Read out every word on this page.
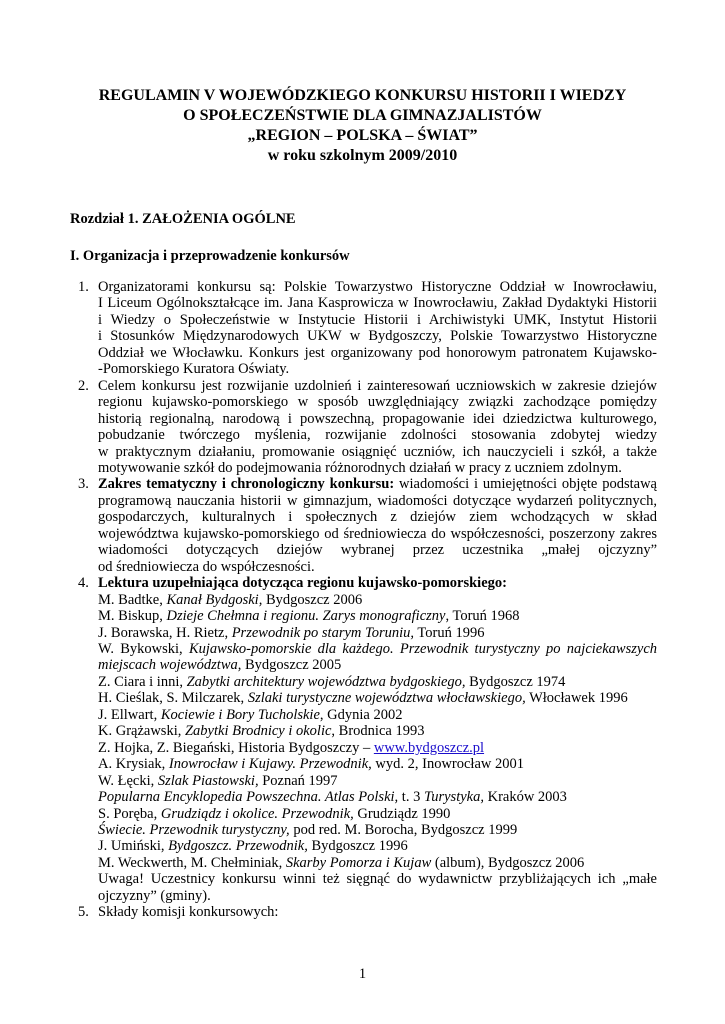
REGULAMIN V WOJEWÓDZKIEGO KONKURSU HISTORII I WIEDZY
O SPOŁECZEŃSTWIE DLA GIMNAZJALISTÓW
„REGION – POLSKA – ŚWIAT”
w roku szkolnym 2009/2010
Rozdział 1. ZAŁOŻENIA OGÓLNE
I. Organizacja i przeprowadzenie konkursów
1. Organizatorami konkursu są: Polskie Towarzystwo Historyczne Oddział w Inowrocławiu,
I Liceum Ogólnokształcące im. Jana Kasprowicza w Inowrocławiu, Zakład Dydaktyki Historii
i Wiedzy o Społeczeństwie w Instytucie Historii i Archiwistyki UMK, Instytut Historii
i Stosunków Międzynarodowych UKW w Bydgoszczy, Polskie Towarzystwo Historyczne
Oddział we Włocławku. Konkurs jest organizowany pod honorowym patronatem Kujawsko-
-Pomorskiego Kuratora Oświaty.
2. Celem konkursu jest rozwijanie uzdolnień i zainteresowań uczniowskich w zakresie dziejów
regionu kujawsko-pomorskiego w sposób uwzględniający związki zachodzące pomiędzy
historią regionalną, narodową i powszechną, propagowanie idei dziedzictwa kulturowego,
pobudzanie twórczego myślenia, rozwijanie zdolności stosowania zdobytej wiedzy
w praktycznym działaniu, promowanie osiągnięć uczniów, ich nauczycieli i szkół, a także
motywowanie szkół do podejmowania różnorodnych działań w pracy z uczniem zdolnym.
3. Zakres tematyczny i chronologiczny konkursu: wiadomości i umiejętności objęte podstawą
programową nauczania historii w gimnazjum, wiadomości dotyczące wydarzeń politycznych,
gospodarczych, kulturalnych i społecznych z dziejów ziem wchodzących w skład
województwa kujawsko-pomorskiego od średniowiecza do współczesności, poszerzony zakres
wiadomości dotyczących dziejów wybranej przez uczestnika „małej ojczyzny”
od średniowiecza do współczesności.
4. Lektura uzupełniająca dotycząca regionu kujawsko-pomorskiego:
M. Badtke, Kanał Bydgoski, Bydgoszcz 2006
M. Biskup, Dzieje Chełmna i regionu. Zarys monograficzny, Toruń 1968
J. Borawska, H. Rietz, Przewodnik po starym Toruniu, Toruń 1996
W. Bykowski, Kujawsko-pomorskie dla każdego. Przewodnik turystyczny po najciekawszych
miejscach województwa, Bydgoszcz 2005
Z. Ciara i inni, Zabytki architektury województwa bydgoskiego, Bydgoszcz 1974
H. Cieślak, S. Milczarek, Szlaki turystyczne województwa włocławskiego, Włocławek 1996
J. Ellwart, Kociewie i Bory Tucholskie, Gdynia 2002
K. Grążawski, Zabytki Brodnicy i okolic, Brodnica 1993
Z. Hojka, Z. Biegański, Historia Bydgoszczy – www.bydgoszcz.pl
A. Krysiak, Inowrocław i Kujawy. Przewodnik, wyd. 2, Inowrocław 2001
W. Łęcki, Szlak Piastowski, Poznań 1997
Popularna Encyklopedia Powszechna. Atlas Polski, t. 3 Turystyka, Kraków 2003
S. Poręba, Grudziądz i okolice. Przewodnik, Grudziądz 1990
Świecie. Przewodnik turystyczny, pod red. M. Borocha, Bydgoszcz 1999
J. Umiński, Bydgoszcz. Przewodnik, Bydgoszcz 1996
M. Weckwerth, M. Chełminiak, Skarby Pomorza i Kujaw (album), Bydgoszcz 2006
Uwaga! Uczestnicy konkursu winni też sięgnąć do wydawnictw przybliżających ich „małe
ojczyzny” (gminy).
5. Składy komisji konkursowych:
1
